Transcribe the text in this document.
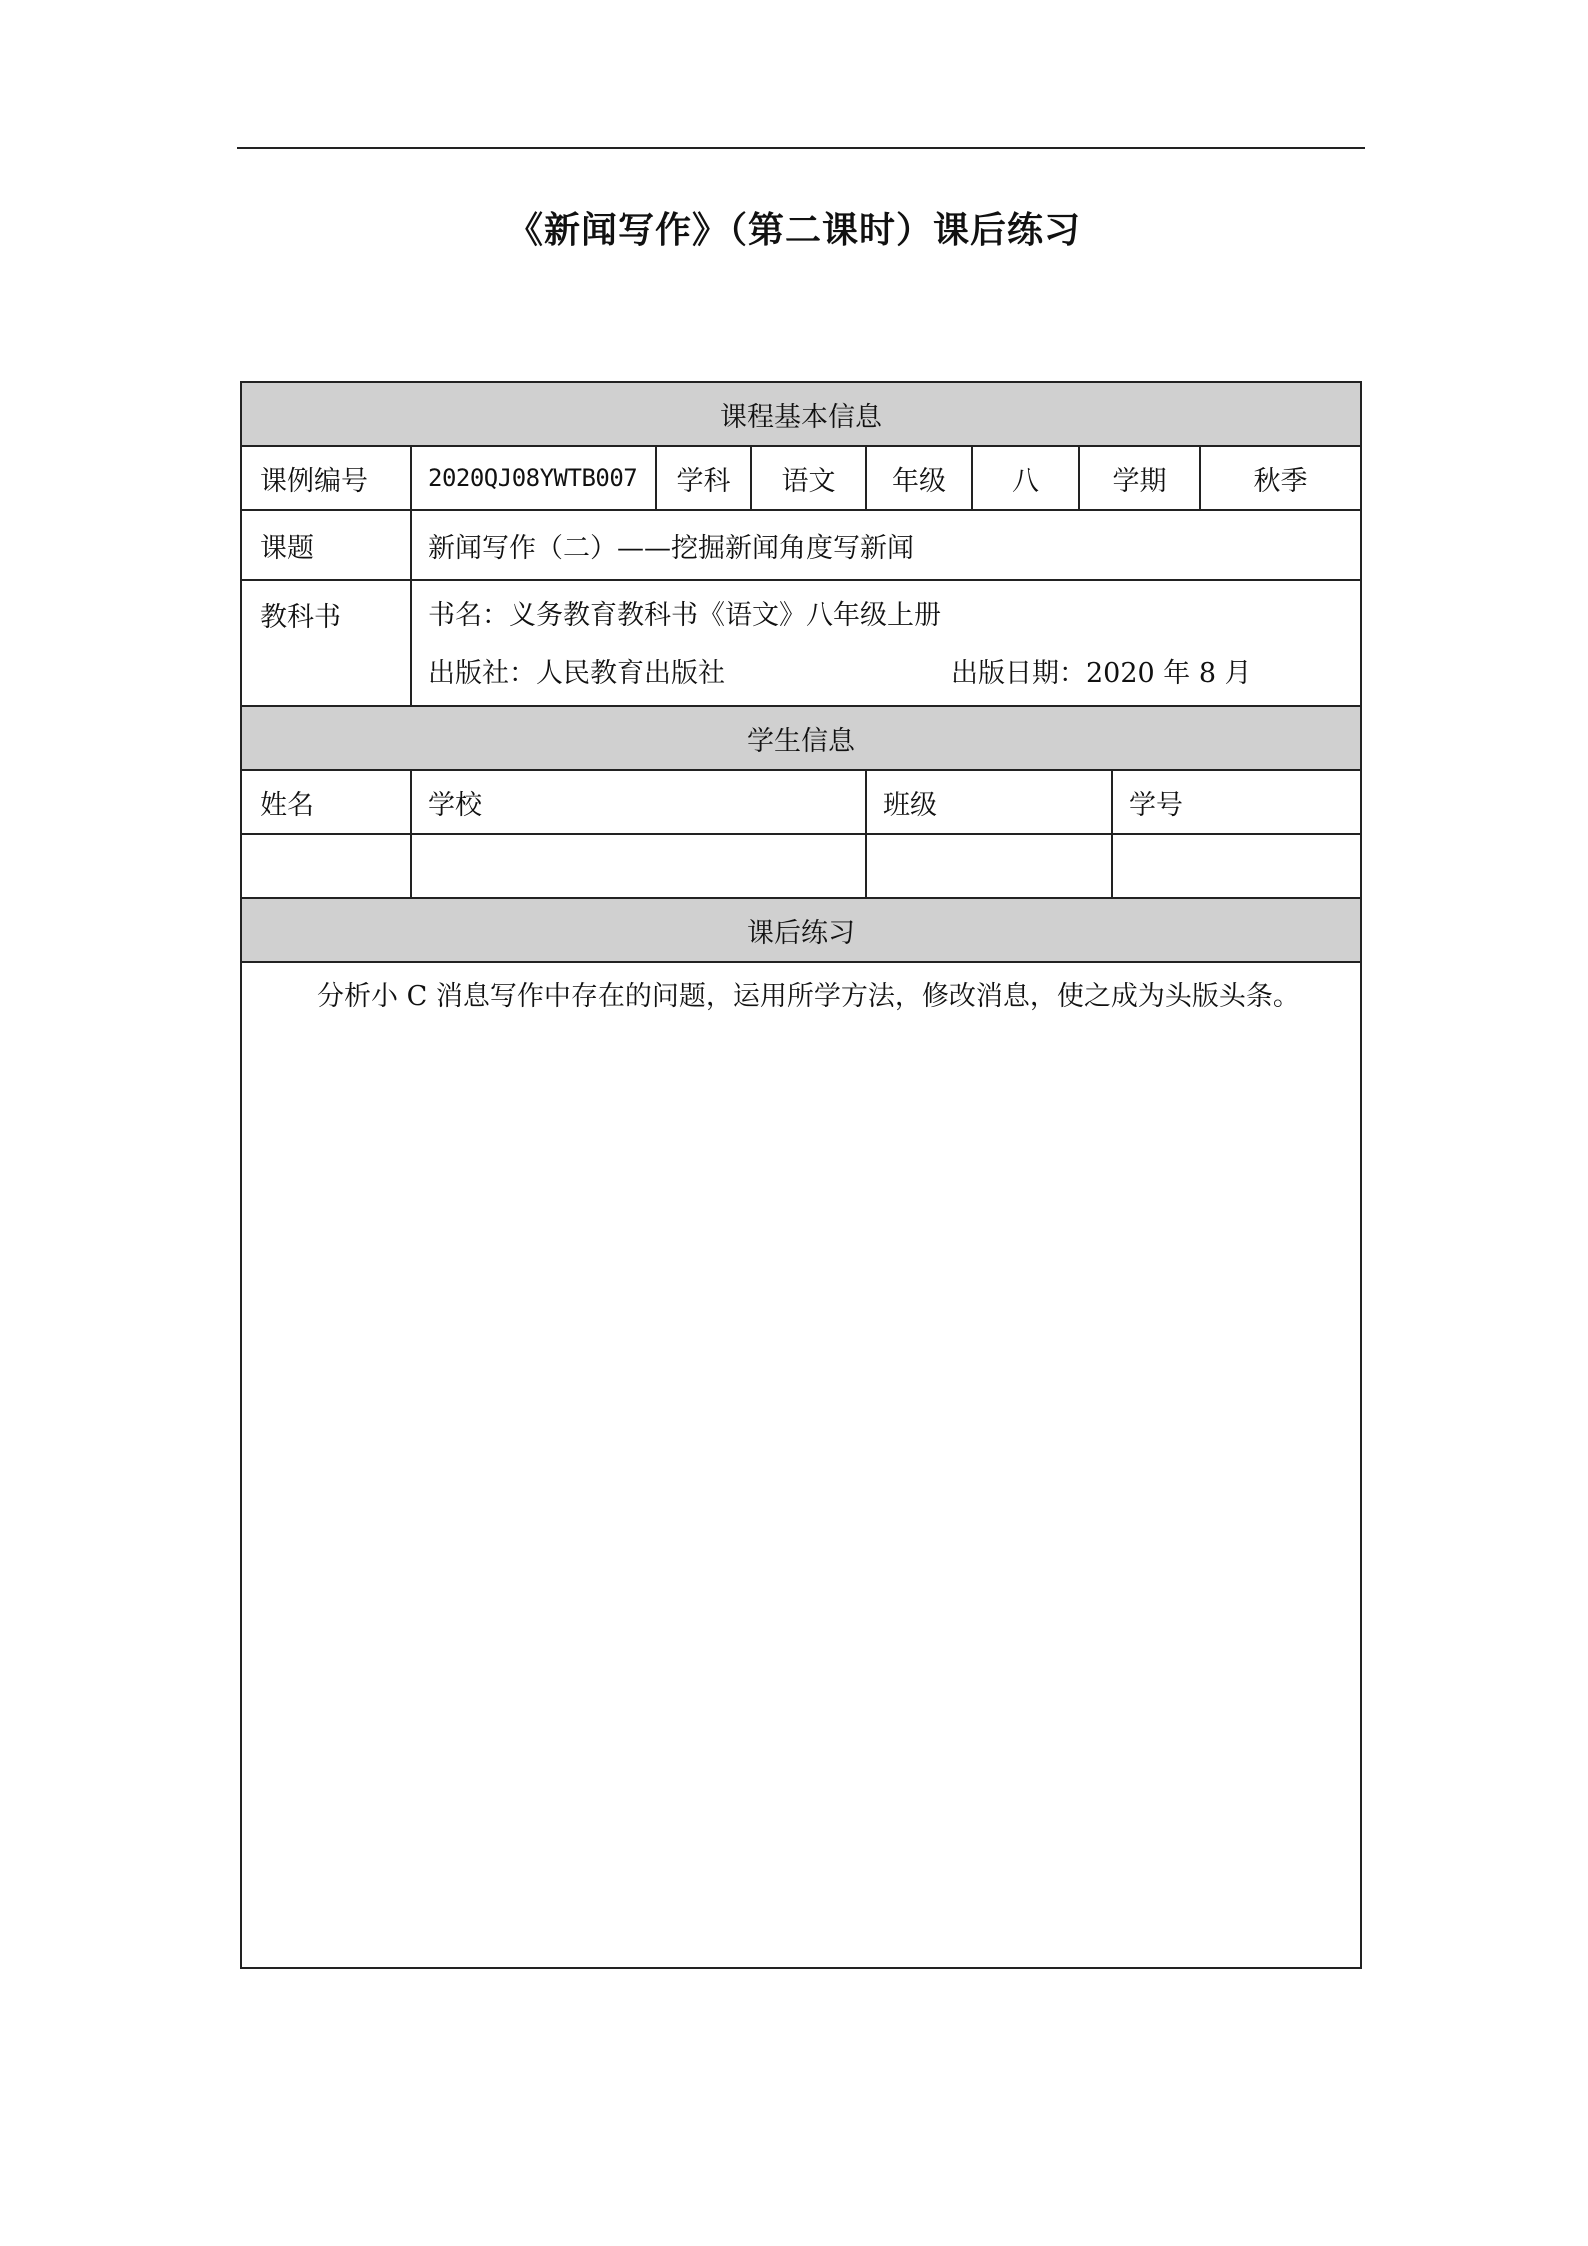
《新闻写作》（第二课时）课后练习
课程基本信息								
课例编号	2020QJ08YWTB007	学科	语文	年级	八	学期		秋季
课题	新闻写作（二）——挖掘新闻角度写新闻							
教科书	书名：义务教育教科书《语文》八年级上册
出版社：人民教育出版社 出版日期：2020 年 8 月							

学生信息								
姓名	学校			班级			学号	

课后练习								

分析小 C 消息写作中存在的问题，运用所学方法，修改消息，使之成为头版头条。								
